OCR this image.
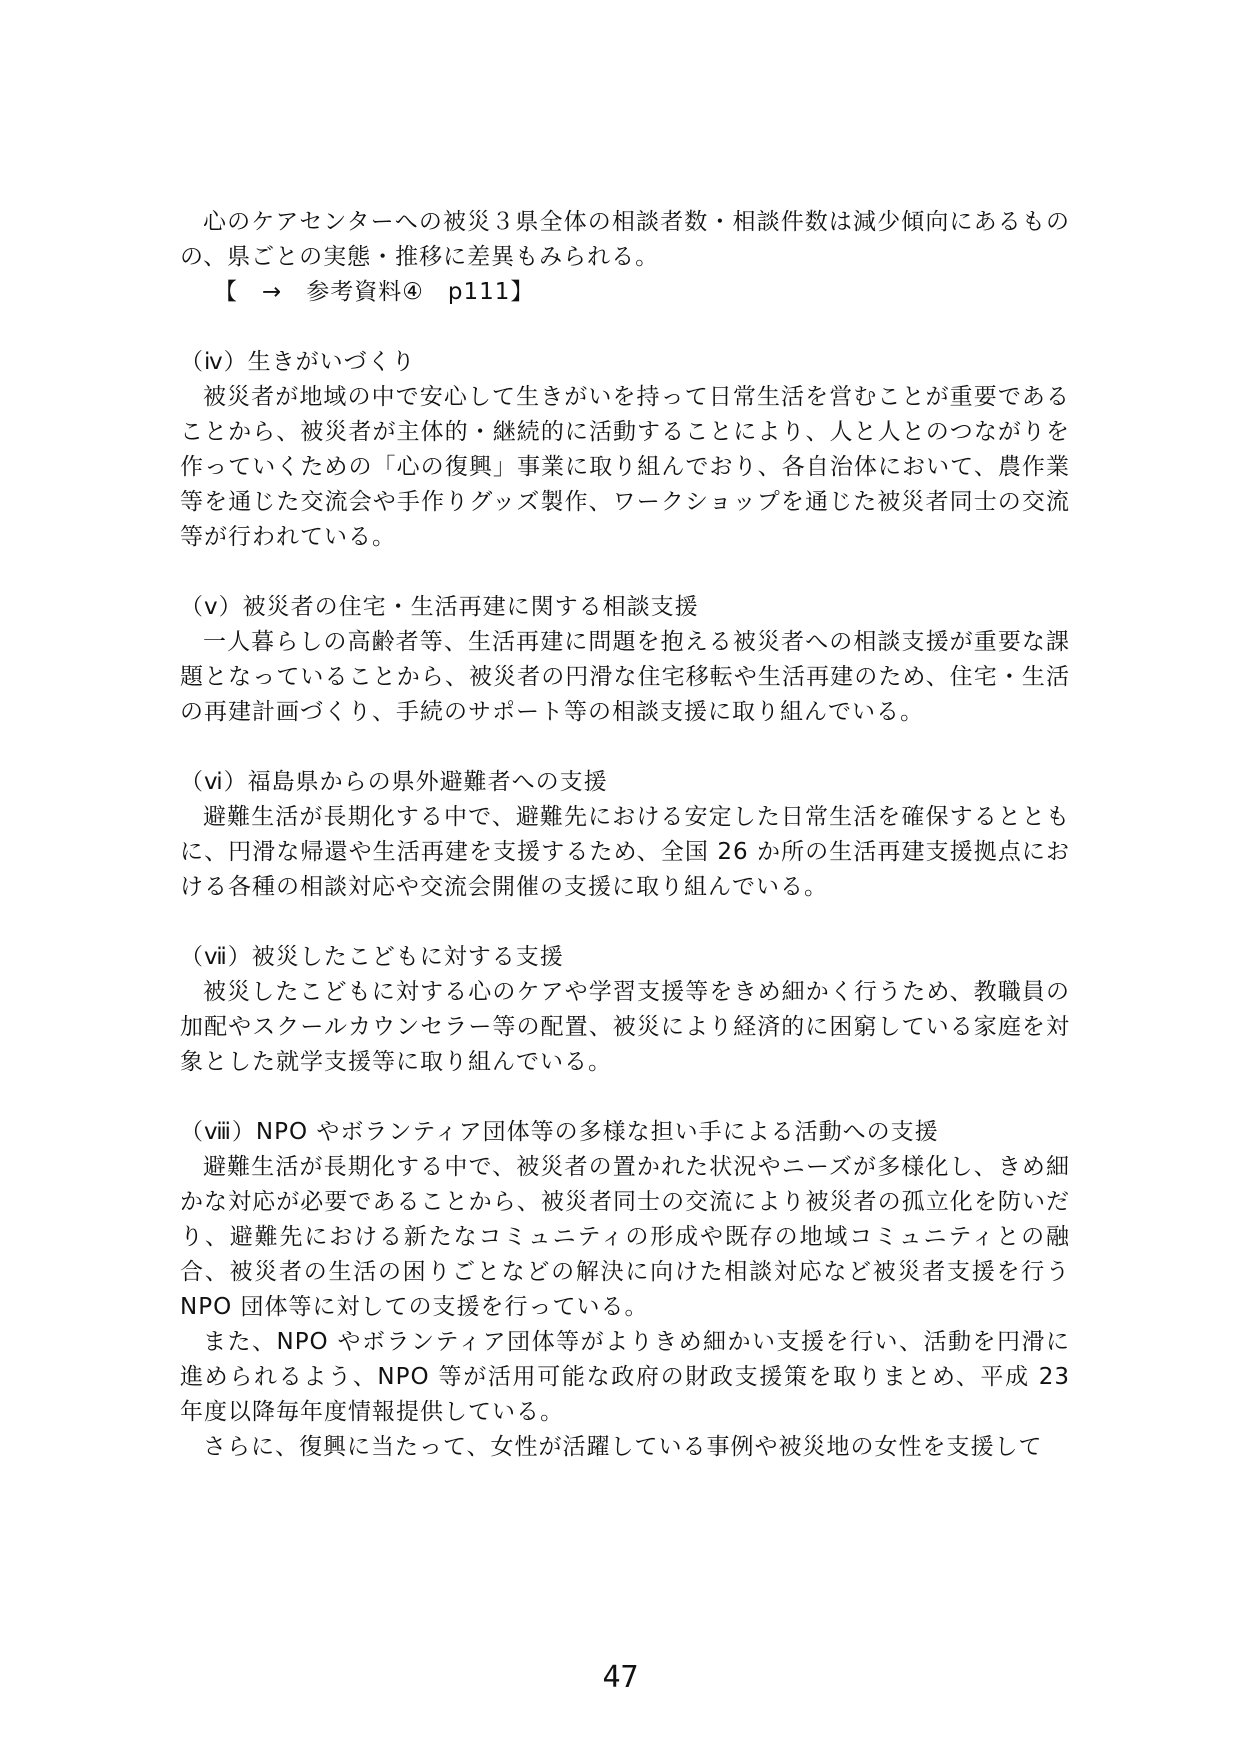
心のケアセンターへの被災３県全体の相談者数・相談件数は減少傾向にあるものの、県ごとの実態・推移に差異もみられる。

【　→　参考資料④　p111】

（ⅳ）生きがいづくり

被災者が地域の中で安心して生きがいを持って日常生活を営むことが重要であることから、被災者が主体的・継続的に活動することにより、人と人とのつながりを作っていくための「心の復興」事業に取り組んでおり、各自治体において、農作業等を通じた交流会や手作りグッズ製作、ワークショップを通じた被災者同士の交流等が行われている。

（ⅴ）被災者の住宅・生活再建に関する相談支援

一人暮らしの高齢者等、生活再建に問題を抱える被災者への相談支援が重要な課題となっていることから、被災者の円滑な住宅移転や生活再建のため、住宅・生活の再建計画づくり、手続のサポート等の相談支援に取り組んでいる。

（ⅵ）福島県からの県外避難者への支援

避難生活が長期化する中で、避難先における安定した日常生活を確保するとともに、円滑な帰還や生活再建を支援するため、全国 26 か所の生活再建支援拠点における各種の相談対応や交流会開催の支援に取り組んでいる。

（ⅶ）被災したこどもに対する支援

被災したこどもに対する心のケアや学習支援等をきめ細かく行うため、教職員の加配やスクールカウンセラー等の配置、被災により経済的に困窮している家庭を対象とした就学支援等に取り組んでいる。

（ⅷ）NPO やボランティア団体等の多様な担い手による活動への支援

避難生活が長期化する中で、被災者の置かれた状況やニーズが多様化し、きめ細かな対応が必要であることから、被災者同士の交流により被災者の孤立化を防いだり、避難先における新たなコミュニティの形成や既存の地域コミュニティとの融合、被災者の生活の困りごとなどの解決に向けた相談対応など被災者支援を行う NPO 団体等に対しての支援を行っている。

また、NPO やボランティア団体等がよりきめ細かい支援を行い、活動を円滑に進められるよう、NPO 等が活用可能な政府の財政支援策を取りまとめ、平成 23 年度以降毎年度情報提供している。

さらに、復興に当たって、女性が活躍している事例や被災地の女性を支援して

47
